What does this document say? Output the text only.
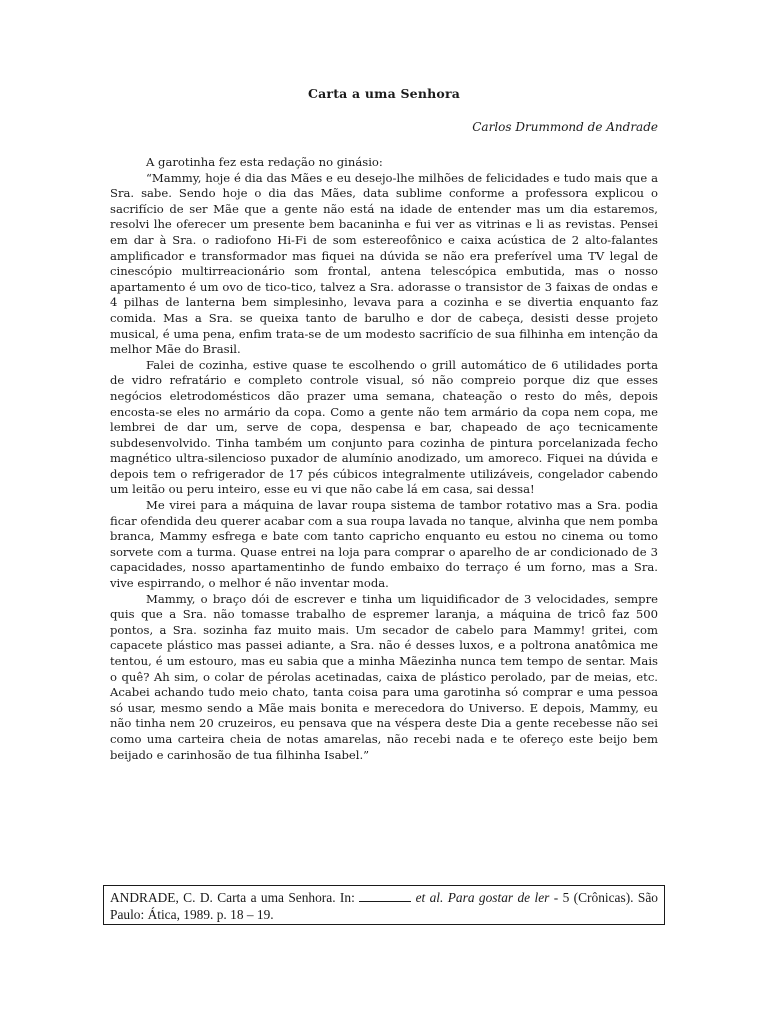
Carta a uma Senhora
Carlos Drummond de Andrade

A garotinha fez esta redação no ginásio:

“Mammy, hoje é dia das Mães e eu desejo-lhe milhões de felicidades e tudo mais que a Sra. sabe. Sendo hoje o dia das Mães, data sublime conforme a professora explicou o sacrifício de ser Mãe que a gente não está na idade de entender mas um dia estaremos, resolvi lhe oferecer um presente bem bacaninha e fui ver as vitrinas e li as revistas. Pensei em dar à Sra. o radiofono Hi-Fi de som estereofônico e caixa acústica de 2 alto-falantes amplificador e transformador mas fiquei na dúvida se não era preferível uma TV legal de cinescópio multirreacionário som frontal, antena telescópica embutida, mas o nosso apartamento é um ovo de tico-tico, talvez a Sra. adorasse o transistor de 3 faixas de ondas e 4 pilhas de lanterna bem simplesinho, levava para a cozinha e se divertia enquanto faz comida. Mas a Sra. se queixa tanto de barulho e dor de cabeça, desisti desse projeto musical, é uma pena, enfim trata-se de um modesto sacrifício de sua filhinha em intenção da melhor Mãe do Brasil.

Falei de cozinha, estive quase te escolhendo o grill automático de 6 utilidades porta de vidro refratário e completo controle visual, só não compreio porque diz que esses negócios eletrodomésticos dão prazer uma semana, chateação o resto do mês, depois encosta-se eles no armário da copa. Como a gente não tem armário da copa nem copa, me lembrei de dar um, serve de copa, despensa e bar, chapeado de aço tecnicamente subdesenvolvido. Tinha também um conjunto para cozinha de pintura porcelanizada fecho magnético ultra-silencioso puxador de alumínio anodizado, um amoreco. Fiquei na dúvida e depois tem o refrigerador de 17 pés cúbicos integralmente utilizáveis, congelador cabendo um leitão ou peru inteiro, esse eu vi que não cabe lá em casa, sai dessa!

Me virei para a máquina de lavar roupa sistema de tambor rotativo mas a Sra. podia ficar ofendida deu querer acabar com a sua roupa lavada no tanque, alvinha que nem pomba branca, Mammy esfrega e bate com tanto capricho enquanto eu estou no cinema ou tomo sorvete com a turma. Quase entrei na loja para comprar o aparelho de ar condicionado de 3 capacidades, nosso apartamentinho de fundo embaixo do terraço é um forno, mas a Sra. vive espirrando, o melhor é não inventar moda.

Mammy, o braço dói de escrever e tinha um liquidificador de 3 velocidades, sempre quis que a Sra. não tomasse trabalho de espremer laranja, a máquina de tricô faz 500 pontos, a Sra. sozinha faz muito mais. Um secador de cabelo para Mammy! gritei, com capacete plástico mas passei adiante, a Sra. não é desses luxos, e a poltrona anatômica me tentou, é um estouro, mas eu sabia que a minha Mãezinha nunca tem tempo de sentar. Mais o quê? Ah sim, o colar de pérolas acetinadas, caixa de plástico perolado, par de meias, etc. Acabei achando tudo meio chato, tanta coisa para uma garotinha só comprar e uma pessoa só usar, mesmo sendo a Mãe mais bonita e merecedora do Universo. E depois, Mammy, eu não tinha nem 20 cruzeiros, eu pensava que na véspera deste Dia a gente recebesse não sei como uma carteira cheia de notas amarelas, não recebi nada e te ofereço este beijo bem beijado e carinhosão de tua filhinha Isabel.”

ANDRADE, C. D. Carta a uma Senhora. In:	et al. Para gostar de ler - 5 (Crônicas). São Paulo: Ática, 1989. p. 18 – 19.
